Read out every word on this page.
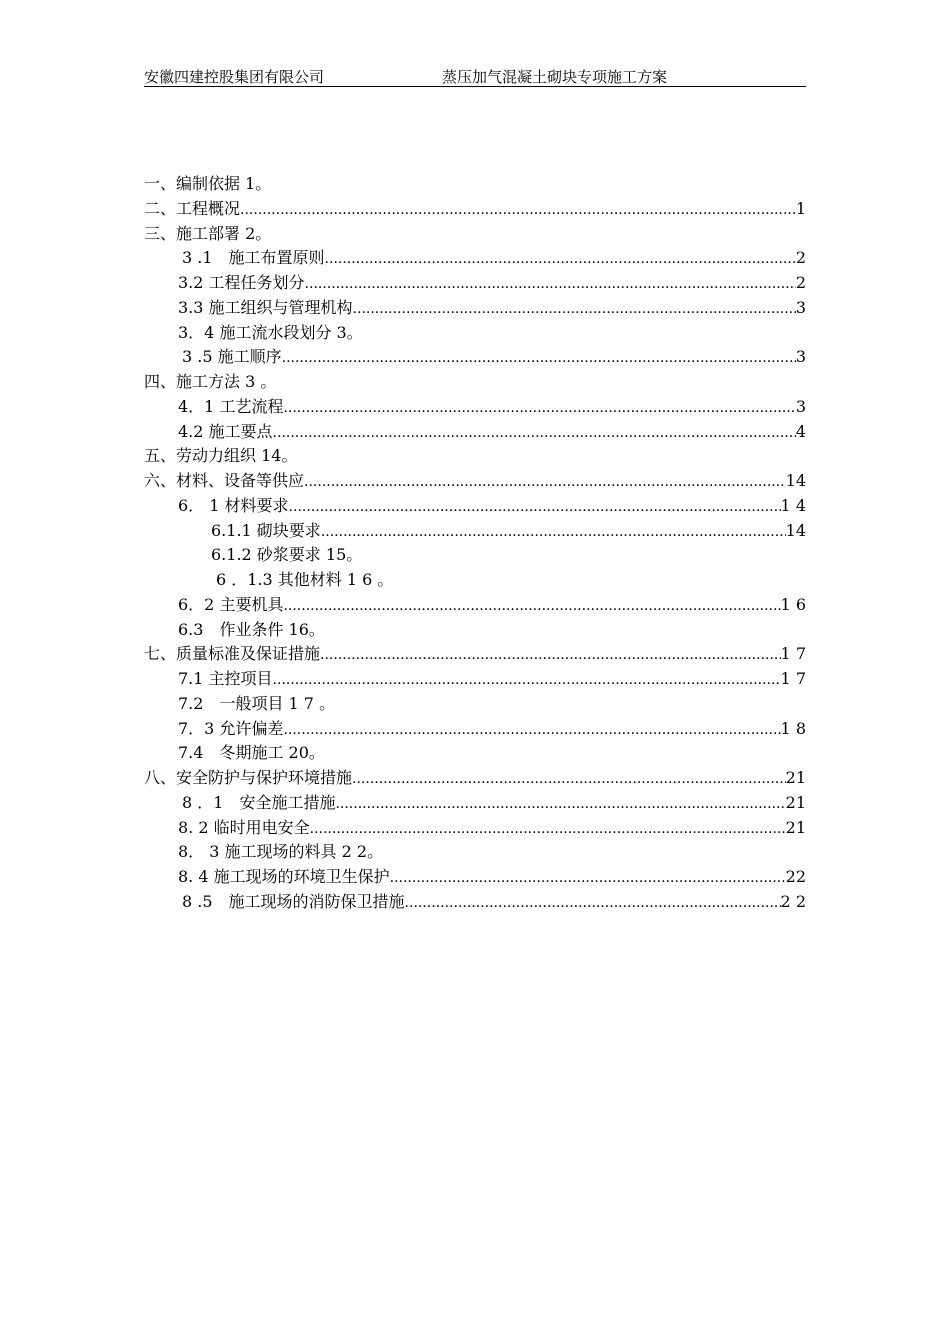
安徽四建控股集团有限公司	蒸压加气混凝土砌块专项施工方案
一、编制依据 1。
二、工程概况 .....	1
三、施工部署 2。
3 .1　施工布置原则 .....	2
3.2 工程任务划分 .....	2
3.3 施工组织与管理机构 .....	3
3．4 施工流水段划分 3。
3 .5 施工顺序 .....	3
四、施工方法 3 。
4．1 工艺流程 .....	3
4.2 施工要点 .....	4
五、劳动力组织 14。
六、材料、设备等供应 .....	14
6． 1 材料要求 .....	1 4
6.1.1 砌块要求 .....	14
6.1.2 砂浆要求 15。
6 ．1.3 其他材料 1 6 。
6．2 主要机具 .....	1 6
6.3　作业条件 16。
七、质量标准及保证措施 .....	1 7
7.1 主控项目 .....	1 7
7.2　一般项目 1 7 。
7．3 允许偏差 .....	1 8
7.4　冬期施工 20。
八、安全防护与保护环境措施 .....	21
8 ．1　安全施工措施 .....	21
8. 2 临时用电安全 .....	21
8． 3 施工现场的料具 2 2。
8. 4 施工现场的环境卫生保护 .....	22
8 .5　施工现场的消防保卫措施 .....	2 2
